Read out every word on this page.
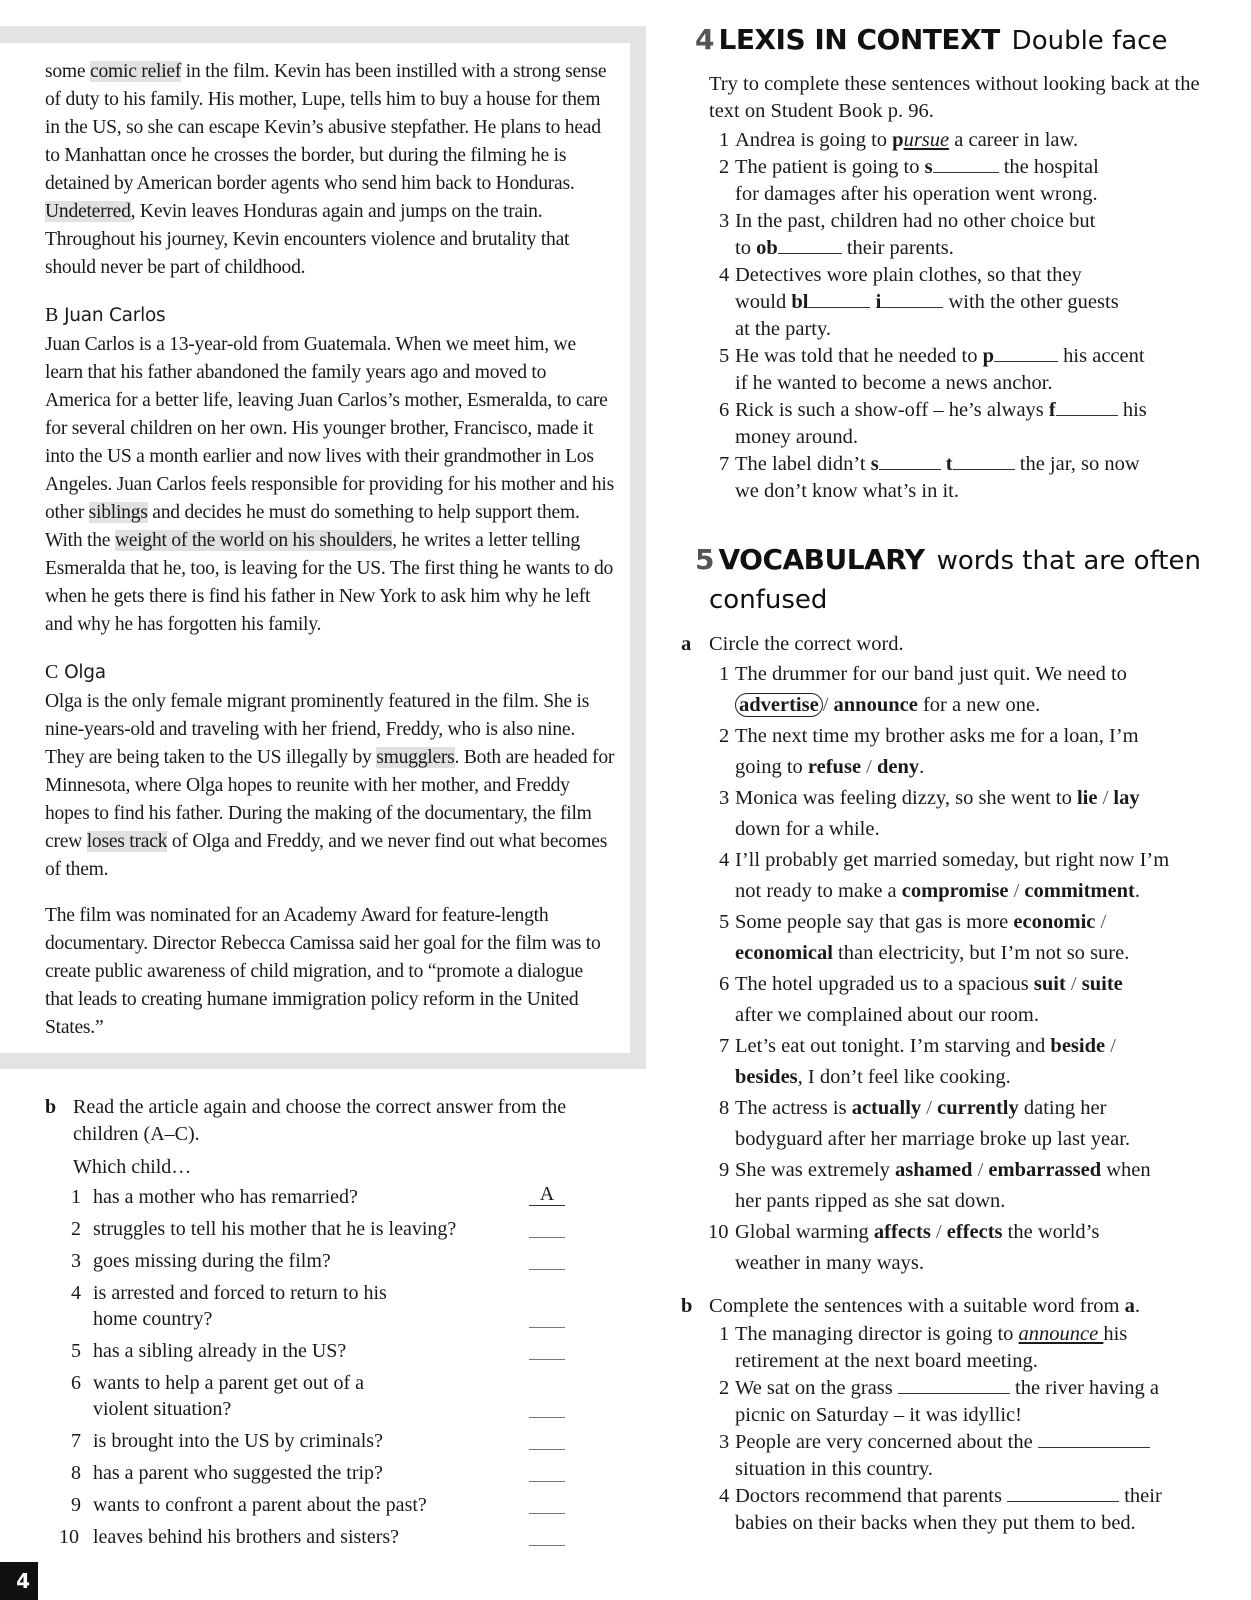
some comic relief in the film. Kevin has been instilled with a strong sense of duty to his family. His mother, Lupe, tells him to buy a house for them in the US, so she can escape Kevin’s abusive stepfather. He plans to head to Manhattan once he crosses the border, but during the filming he is detained by American border agents who send him back to Honduras. Undeterred, Kevin leaves Honduras again and jumps on the train. Throughout his journey, Kevin encounters violence and brutality that should never be part of childhood.

B Juan Carlos

Juan Carlos is a 13-year-old from Guatemala. When we meet him, we learn that his father abandoned the family years ago and moved to America for a better life, leaving Juan Carlos’s mother, Esmeralda, to care for several children on her own. His younger brother, Francisco, made it into the US a month earlier and now lives with their grandmother in Los Angeles. Juan Carlos feels responsible for providing for his mother and his other siblings and decides he must do something to help support them. With the weight of the world on his shoulders, he writes a letter telling Esmeralda that he, too, is leaving for the US. The first thing he wants to do when he gets there is find his father in New York to ask him why he left and why he has forgotten his family.

C Olga

Olga is the only female migrant prominently featured in the film. She is nine-years-old and traveling with her friend, Freddy, who is also nine. They are being taken to the US illegally by smugglers. Both are headed for Minnesota, where Olga hopes to reunite with her mother, and Freddy hopes to find his father. During the making of the documentary, the film crew loses track of Olga and Freddy, and we never find out what becomes of them.

The film was nominated for an Academy Award for feature-length documentary. Director Rebecca Camissa said her goal for the film was to create public awareness of child migration, and to “promote a dialogue that leads to creating humane immigration policy reform in the United States.”

b Read the article again and choose the correct answer from the children (A–C).
Which child…
1 has a mother who has remarried?	A
2 struggles to tell his mother that he is leaving?
3 goes missing during the film?
4 is arrested and forced to return to his
home country?
5 has a sibling already in the US?
6 wants to help a parent get out of a
violent situation?
7 is brought into the US by criminals?
8 has a parent who suggested the trip?
9 wants to confront a parent about the past?
10 leaves behind his brothers and sisters?
4 LEXIS IN CONTEXT Double face
Try to complete these sentences without looking back at the text on Student Book p. 96.
1 Andrea is going to pursue a career in law.
2 The patient is going to s	the hospital
for damages after his operation went wrong.
3 In the past, children had no other choice but
to ob	their parents.
4 Detectives wore plain clothes, so that they
would bl	i	with the other guests
at the party.
5 He was told that he needed to p	his accent
if he wanted to become a news anchor.
6 Rick is such a show-off – he’s always f	his
money around.
7 The label didn’t s	t	the jar, so now
we don’t know what’s in it.
5 VOCABULARY words that are often
confused
a Circle the correct word.
1 The drummer for our band just quit. We need to
advertise / announce for a new one.
2 The next time my brother asks me for a loan, I’m
going to refuse / deny.
3 Monica was feeling dizzy, so she went to lie / lay
down for a while.
4 I’ll probably get married someday, but right now I’m
not ready to make a compromise / commitment.
5 Some people say that gas is more economic /
economical than electricity, but I’m not so sure.
6 The hotel upgraded us to a spacious suit / suite
after we complained about our room.
7 Let’s eat out tonight. I’m starving and beside /
besides, I don’t feel like cooking.
8 The actress is actually / currently dating her
bodyguard after her marriage broke up last year.
9 She was extremely ashamed / embarrassed when
her pants ripped as she sat down.
10 Global warming affects / effects the world’s
weather in many ways.
b Complete the sentences with a suitable word from a.
1 The managing director is going to announce his
retirement at the next board meeting.
2 We sat on the grass	the river having a
picnic on Saturday – it was idyllic!
3 People are very concerned about the
situation in this country.
4 Doctors recommend that parents	their
babies on their backs when they put them to bed.
4
